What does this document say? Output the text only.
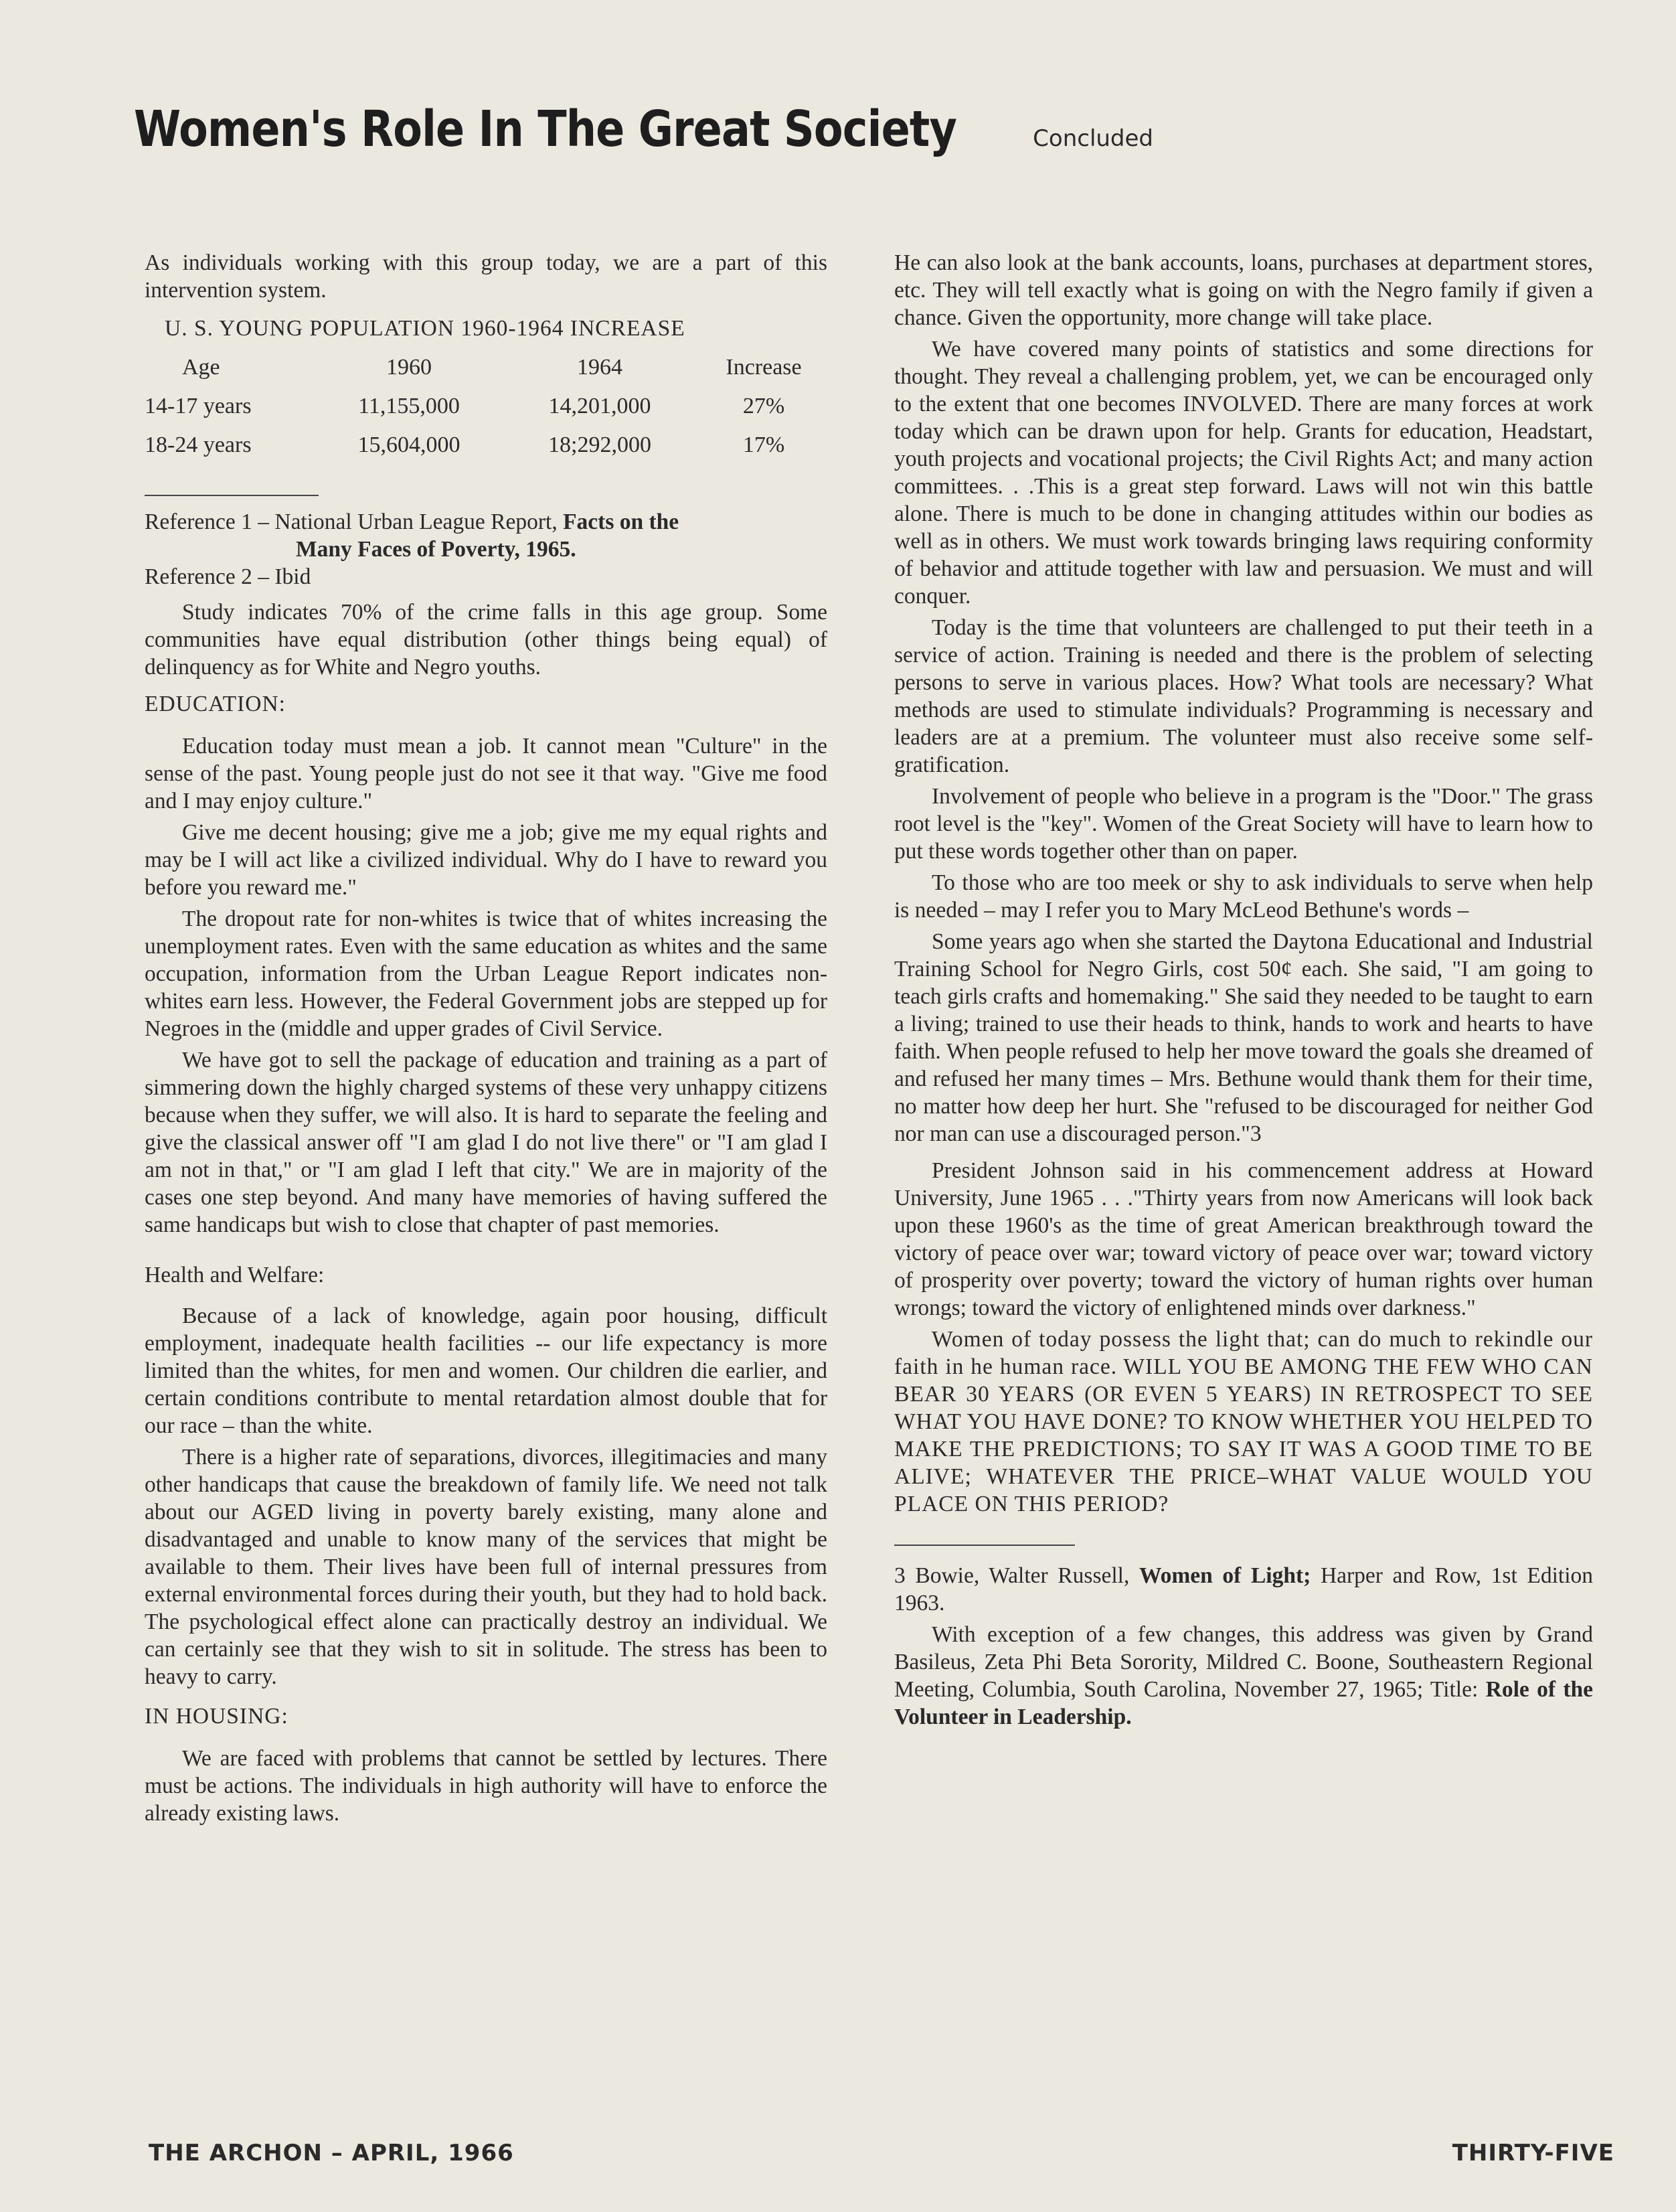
Women's Role In The Great Society	Concluded

As individuals working with this group today, we are a part of this intervention system.

U. S. YOUNG POPULATION 1960-1964 INCREASE
Age	1960	1964	Increase
14-17 years	11,155,000	14,201,000	27%
18-24 years	15,604,000	18;292,000	17%

Reference 1 – National Urban League Report, Facts on the
Many Faces of Poverty, 1965.

Reference 2 – Ibid

Study indicates 70% of the crime falls in this age group. Some communities have equal distribution (other things being equal) of delinquency as for White and Negro youths.

EDUCATION:

Education today must mean a job. It cannot mean "Culture" in the sense of the past. Young people just do not see it that way. "Give me food and I may enjoy culture."

Give me decent housing; give me a job; give me my equal rights and may be I will act like a civilized individual. Why do I have to reward you before you reward me."

The dropout rate for non-whites is twice that of whites increasing the unemployment rates. Even with the same education as whites and the same occupation, information from the Urban League Report indicates non-whites earn less. However, the Federal Government jobs are stepped up for Negroes in the (middle and upper grades of Civil Service.

We have got to sell the package of education and training as a part of simmering down the highly charged systems of these very unhappy citizens because when they suffer, we will also. It is hard to separate the feeling and give the classical answer off "I am glad I do not live there" or "I am glad I am not in that," or "I am glad I left that city." We are in majority of the cases one step beyond. And many have memories of having suffered the same handicaps but wish to close that chapter of past memories.

Health and Welfare:

Because of a lack of knowledge, again poor housing, difficult employment, inadequate health facilities -- our life expectancy is more limited than the whites, for men and women. Our children die earlier, and certain conditions contribute to mental retardation almost double that for our race – than the white.

There is a higher rate of separations, divorces, illegitimacies and many other handicaps that cause the breakdown of family life. We need not talk about our AGED living in poverty barely existing, many alone and disadvantaged and unable to know many of the services that might be available to them. Their lives have been full of internal pressures from external environmental forces during their youth, but they had to hold back. The psychological effect alone can practically destroy an individual. We can certainly see that they wish to sit in solitude. The stress has been to heavy to carry.

IN HOUSING:

We are faced with problems that cannot be settled by lectures. There must be actions. The individuals in high authority will have to enforce the already existing laws.

He can also look at the bank accounts, loans, purchases at department stores, etc. They will tell exactly what is going on with the Negro family if given a chance. Given the opportunity, more change will take place.

We have covered many points of statistics and some directions for thought. They reveal a challenging problem, yet, we can be encouraged only to the extent that one becomes INVOLVED. There are many forces at work today which can be drawn upon for help. Grants for education, Headstart, youth projects and vocational projects; the Civil Rights Act; and many action committees. . .This is a great step forward. Laws will not win this battle alone. There is much to be done in changing attitudes within our bodies as well as in others. We must work towards bringing laws requiring conformity of behavior and attitude together with law and persuasion. We must and will conquer.

Today is the time that volunteers are challenged to put their teeth in a service of action. Training is needed and there is the problem of selecting persons to serve in various places. How? What tools are necessary? What methods are used to stimulate individuals? Programming is necessary and leaders are at a premium. The volunteer must also receive some self-gratification.

Involvement of people who believe in a program is the "Door." The grass root level is the "key". Women of the Great Society will have to learn how to put these words together other than on paper.

To those who are too meek or shy to ask individuals to serve when help is needed – may I refer you to Mary McLeod Bethune's words –

Some years ago when she started the Daytona Educational and Industrial Training School for Negro Girls, cost 50¢ each. She said, "I am going to teach girls crafts and homemaking." She said they needed to be taught to earn a living; trained to use their heads to think, hands to work and hearts to have faith. When people refused to help her move toward the goals she dreamed of and refused her many times – Mrs. Bethune would thank them for their time, no matter how deep her hurt. She "refused to be discouraged for neither God nor man can use a discouraged person."3

President Johnson said in his commencement address at Howard University, June 1965 . . ."Thirty years from now Americans will look back upon these 1960's as the time of great American breakthrough toward the victory of peace over war; toward victory of peace over war; toward victory of prosperity over poverty; toward the victory of human rights over human wrongs; toward the victory of enlightened minds over darkness."

Women of today possess the light that; can do much to rekindle our faith in he human race. WILL YOU BE AMONG THE FEW WHO CAN BEAR 30 YEARS (OR EVEN 5 YEARS) IN RETROSPECT TO SEE WHAT YOU HAVE DONE? TO KNOW WHETHER YOU HELPED TO MAKE THE PREDICTIONS; TO SAY IT WAS A GOOD TIME TO BE ALIVE; WHATEVER THE PRICE–WHAT VALUE WOULD YOU PLACE ON THIS PERIOD?

3 Bowie, Walter Russell, Women of Light; Harper and Row, 1st Edition 1963.

With exception of a few changes, this address was given by Grand Basileus, Zeta Phi Beta Sorority, Mildred C. Boone, Southeastern Regional Meeting, Columbia, South Carolina, November 27, 1965; Title: Role of the Volunteer in Leadership.

THE ARCHON – APRIL, 1966	THIRTY-FIVE
